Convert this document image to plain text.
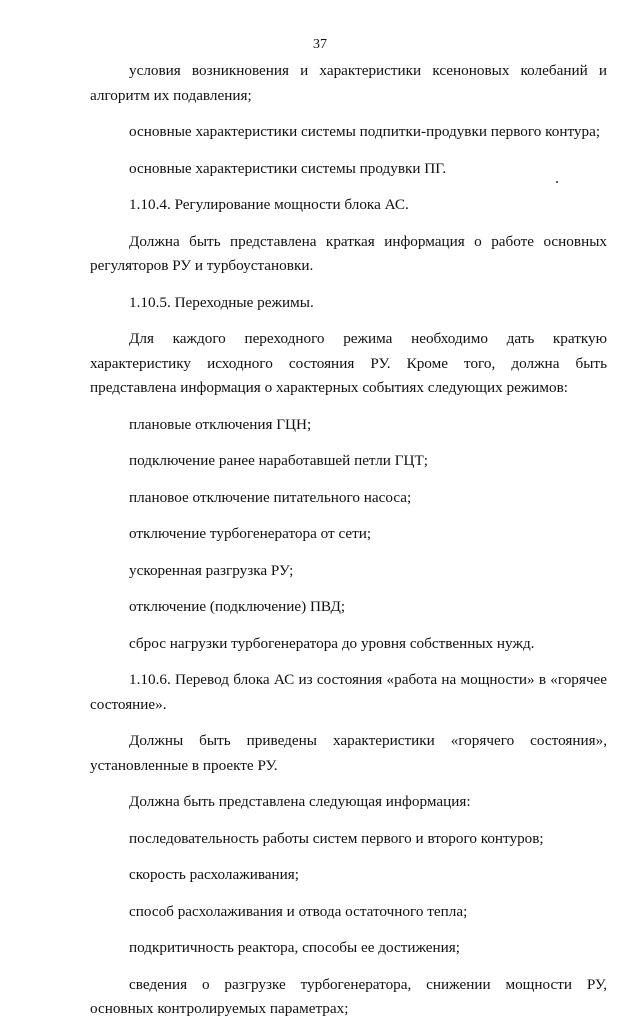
37

условия возникновения и характеристики ксеноновых колебаний и алгоритм их подавления;

основные характеристики системы подпитки-продувки первого контура;

основные характеристики системы продувки ПГ.

1.10.4. Регулирование мощности блока АС.

Должна быть представлена краткая информация о работе основных регуляторов РУ и турбоустановки.

1.10.5. Переходные режимы.

Для каждого переходного режима необходимо дать краткую характеристику исходного состояния РУ. Кроме того, должна быть представлена информация о характерных событиях следующих режимов:

плановые отключения ГЦН;

подключение ранее наработавшей петли ГЦТ;

плановое отключение питательного насоса;

отключение турбогенератора от сети;

ускоренная разгрузка РУ;

отключение (подключение) ПВД;

сброс нагрузки турбогенератора до уровня собственных нужд.

1.10.6. Перевод блока АС из состояния «работа на мощности» в «горячее состояние».

Должны быть приведены характеристики «горячего состояния», установленные в проекте РУ.

Должна быть представлена следующая информация:

последовательность работы систем первого и второго контуров;

скорость расхолаживания;

способ расхолаживания и отвода остаточного тепла;

подкритичность реактора, способы ее достижения;

сведения о разгрузке турбогенератора, снижении мощности РУ, основных контролируемых параметрах;
